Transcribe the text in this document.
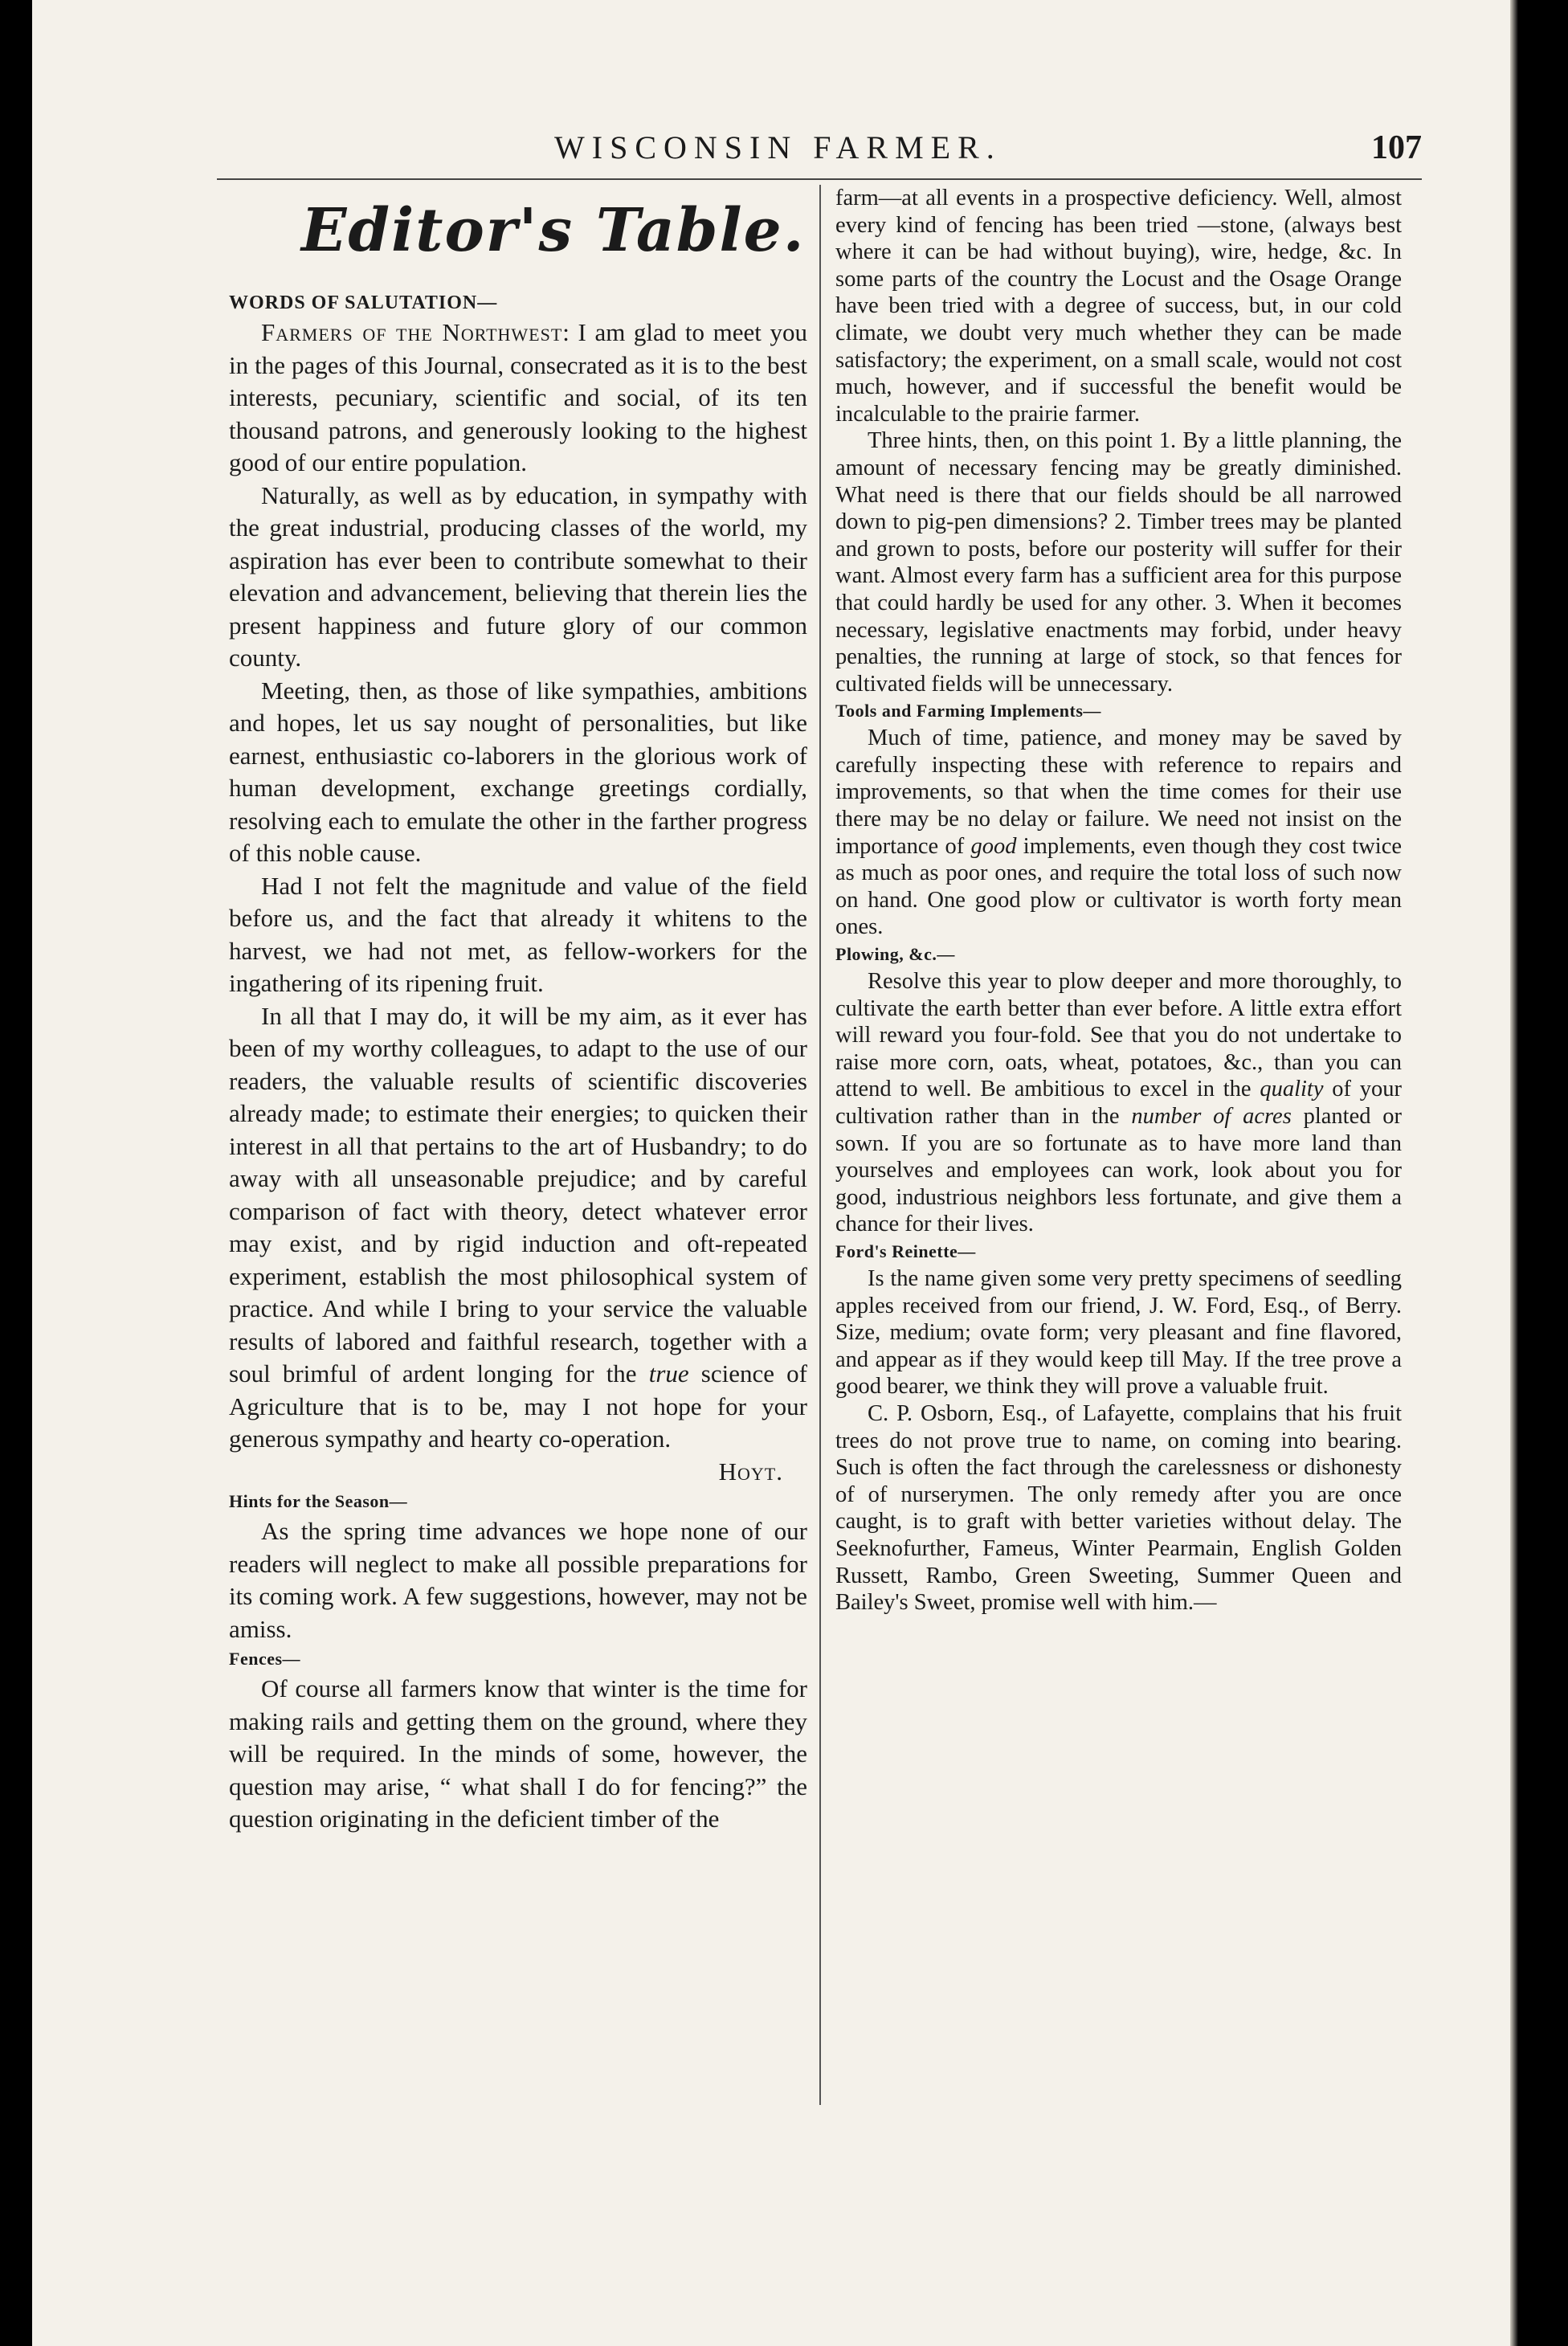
WISCONSIN FARMER.	107
Editor's Table.
WORDS OF SALUTATION—

Farmers of the Northwest: I am glad to meet you in the pages of this Journal, consecrated as it is to the best interests, pecuniary, scientific and social, of its ten thousand patrons, and generously looking to the highest good of our entire population.

Naturally, as well as by education, in sympathy with the great industrial, producing classes of the world, my aspiration has ever been to contribute somewhat to their elevation and advancement, believing that therein lies the present happiness and future glory of our common county.

Meeting, then, as those of like sympathies, ambitions and hopes, let us say nought of personalities, but like earnest, enthusiastic co-laborers in the glorious work of human development, exchange greetings cordially, resolving each to emulate the other in the farther progress of this noble cause.

Had I not felt the magnitude and value of the field before us, and the fact that already it whitens to the harvest, we had not met, as fellow-workers for the ingathering of its ripening fruit.

In all that I may do, it will be my aim, as it ever has been of my worthy colleagues, to adapt to the use of our readers, the valuable results of scientific discoveries already made; to estimate their energies; to quicken their interest in all that pertains to the art of Husbandry; to do away with all unseasonable prejudice; and by careful comparison of fact with theory, detect whatever error may exist, and by rigid induction and oft-repeated experiment, establish the most philosophical system of practice. And while I bring to your service the valuable results of labored and faithful research, together with a soul brimful of ardent longing for the true science of Agriculture that is to be, may I not hope for your generous sympathy and hearty co-operation.

Hoyt.
Hints for the Season—

As the spring time advances we hope none of our readers will neglect to make all possible preparations for its coming work. A few suggestions, however, may not be amiss.

Fences—

Of course all farmers know that winter is the time for making rails and getting them on the ground, where they will be required. In the minds of some, however, the question may arise, “ what shall I do for fencing?” the question originating in the deficient timber of the

farm—at all events in a prospective deficiency. Well, almost every kind of fencing has been tried —stone, (always best where it can be had without buying), wire, hedge, &c. In some parts of the country the Locust and the Osage Orange have been tried with a degree of success, but, in our cold climate, we doubt very much whether they can be made satisfactory; the experiment, on a small scale, would not cost much, however, and if successful the benefit would be incalculable to the prairie farmer.

Three hints, then, on this point 1. By a little planning, the amount of necessary fencing may be greatly diminished. What need is there that our fields should be all narrowed down to pig-pen dimensions? 2. Timber trees may be planted and grown to posts, before our posterity will suffer for their want. Almost every farm has a sufficient area for this purpose that could hardly be used for any other. 3. When it becomes necessary, legislative enactments may forbid, under heavy penalties, the running at large of stock, so that fences for cultivated fields will be unnecessary.

Tools and Farming Implements—

Much of time, patience, and money may be saved by carefully inspecting these with reference to repairs and improvements, so that when the time comes for their use there may be no delay or failure. We need not insist on the importance of good implements, even though they cost twice as much as poor ones, and require the total loss of such now on hand. One good plow or cultivator is worth forty mean ones.

Plowing, &c.—

Resolve this year to plow deeper and more thoroughly, to cultivate the earth better than ever before. A little extra effort will reward you four-fold. See that you do not undertake to raise more corn, oats, wheat, potatoes, &c., than you can attend to well. Be ambitious to excel in the quality of your cultivation rather than in the number of acres planted or sown. If you are so fortunate as to have more land than yourselves and employees can work, look about you for good, industrious neighbors less fortunate, and give them a chance for their lives.

Ford's Reinette—

Is the name given some very pretty specimens of seedling apples received from our friend, J. W. Ford, Esq., of Berry. Size, medium; ovate form; very pleasant and fine flavored, and appear as if they would keep till May. If the tree prove a good bearer, we think they will prove a valuable fruit.

C. P. Osborn, Esq., of Lafayette, complains that his fruit trees do not prove true to name, on coming into bearing. Such is often the fact through the carelessness or dishonesty of of nurserymen. The only remedy after you are once caught, is to graft with better varieties without delay. The Seeknofurther, Fameus, Winter Pearmain, English Golden Russett, Rambo, Green Sweeting, Summer Queen and Bailey's Sweet, promise well with him.—
